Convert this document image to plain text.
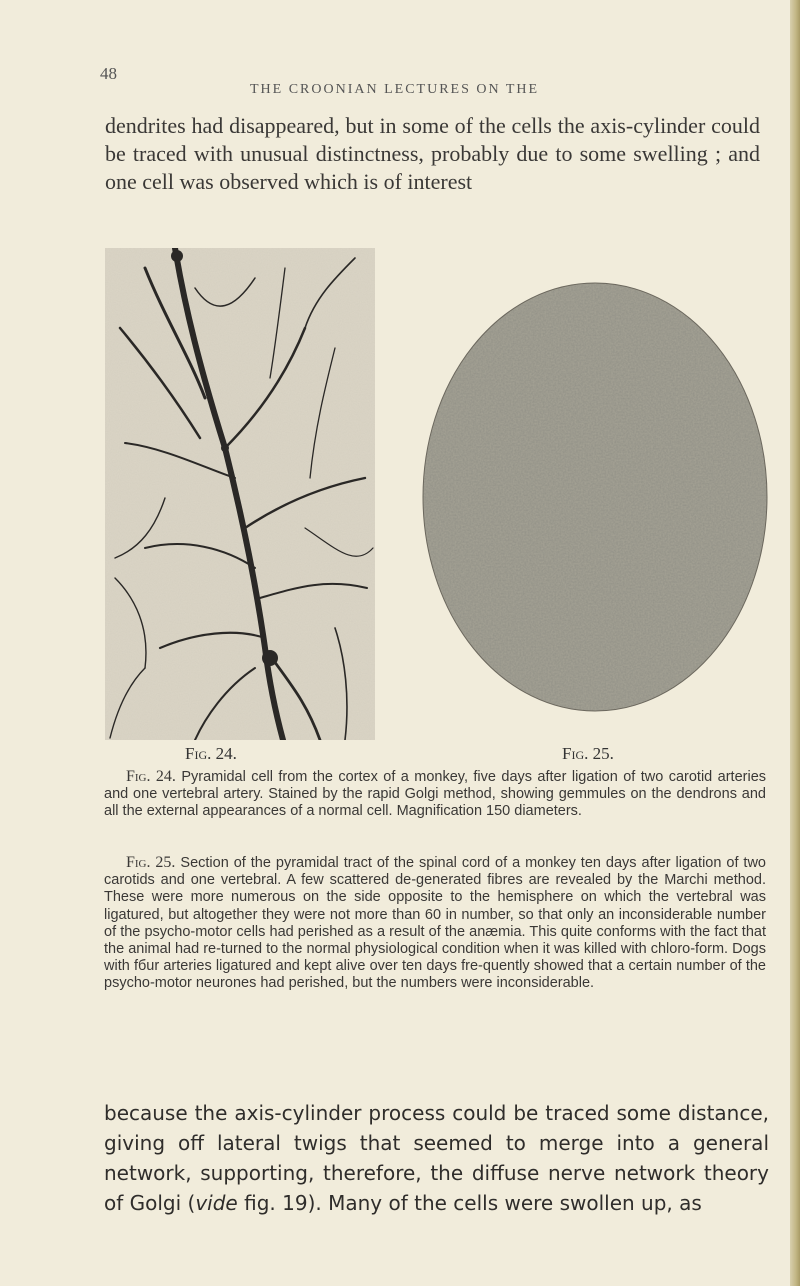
48
THE CROONIAN LECTURES ON THE

dendrites had disappeared, but in some of the cells the axis-cylinder could be traced with unusual distinctness, probably due to some swelling ; and one cell was observed which is of interest

Fig. 24.	Fig. 25.

Fig. 24. Pyramidal cell from the cortex of a monkey, five days after ligation of two carotid arteries and one vertebral artery. Stained by the rapid Golgi method, showing gemmules on the dendrons and all the external appearances of a normal cell. Magnification 150 diameters.

Fig. 25. Section of the pyramidal tract of the spinal cord of a monkey ten days after ligation of two carotids and one vertebral. A few scattered de-generated fibres are revealed by the Marchi method. These were more numerous on the side opposite to the hemisphere on which the vertebral was ligatured, but altogether they were not more than 60 in number, so that only an inconsiderable number of the psycho-motor cells had perished as a result of the anæmia. This quite conforms with the fact that the animal had re-turned to the normal physiological condition when it was killed with chloro-form. Dogs with fбur arteries ligatured and kept alive over ten days fre-quently showed that a certain number of the psycho-motor neurones had perished, but the numbers were inconsiderable.

because the axis-cylinder process could be traced some distance, giving off lateral twigs that seemed to merge into a general network, supporting, therefore, the diffuse nerve network theory of Golgi (vide fig. 19). Many of the cells were swollen up, as
